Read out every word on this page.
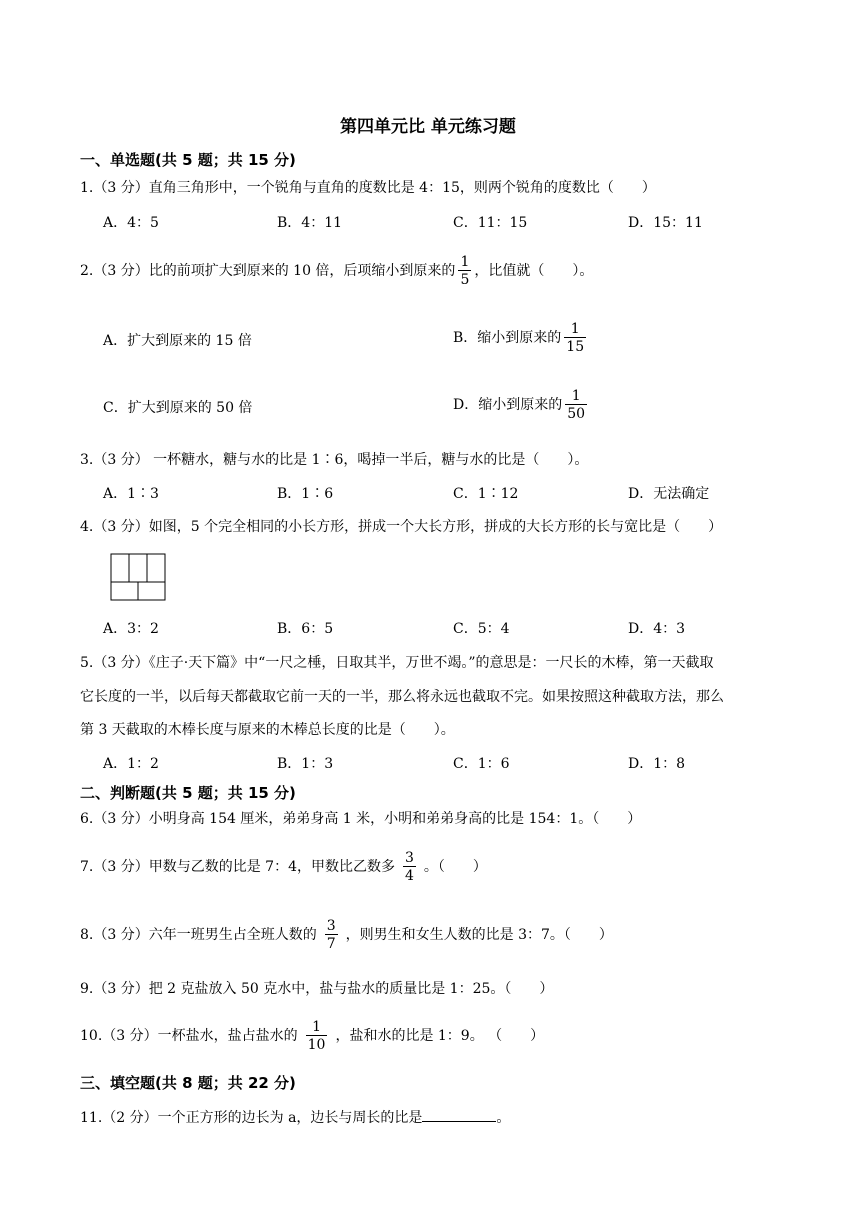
第四单元比 单元练习题
一、单选题(共 5 题；共 15 分)
1.（3 分）直角三角形中，一个锐角与直角的度数比是 4：15，则两个锐角的度数比（　　）
A．4：5	B．4：11	C．11：15	D．15：11
2.（3 分）比的前项扩大到原来的 10 倍，后项缩小到原来的 $\frac{1}{5}$ ，比值就（　　）。
A．扩大到原来的 15 倍	B．缩小到原来的 $\frac{1}{15}$
C．扩大到原来的 50 倍	D．缩小到原来的 $\frac{1}{50}$
3.（3 分） 一杯糖水，糖与水的比是 1∶6，喝掉一半后，糖与水的比是（　　）。
A．1∶3	B．1∶6	C．1∶12	D．无法确定
4.（3 分）如图，5 个完全相同的小长方形，拼成一个大长方形，拼成的大长方形的长与宽比是（　　）
A．3：2	B．6：5	C．5：4	D．4：3
5.（3 分）《庄子·天下篇》中“一尺之棰，日取其半，万世不竭。”的意思是：一尺长的木棒，第一天截取
它长度的一半，以后每天都截取它前一天的一半，那么将永远也截取不完。如果按照这种截取方法，那么
第 3 天截取的木棒长度与原来的木棒总长度的比是（　　）。
A．1：2	B．1：3	C．1：6	D．1：8
二、判断题(共 5 题；共 15 分)
6.（3 分）小明身高 154 厘米，弟弟身高 1 米，小明和弟弟身高的比是 154：1。（　　）
7.（3 分）甲数与乙数的比是 7：4，甲数比乙数多 $\frac{3}{4}$ 。（　　）
8.（3 分）六年一班男生占全班人数的 $\frac{3}{7}$ ，则男生和女生人数的比是 3：7。（　　）
9.（3 分）把 2 克盐放入 50 克水中，盐与盐水的质量比是 1：25。（　　）
10.（3 分）一杯盐水，盐占盐水的 $\frac{1}{10}$ ，盐和水的比是 1：9。 （　　）
三、填空题(共 8 题；共 22 分)
11.（2 分）一个正方形的边长为 a，边长与周长的比是	。
